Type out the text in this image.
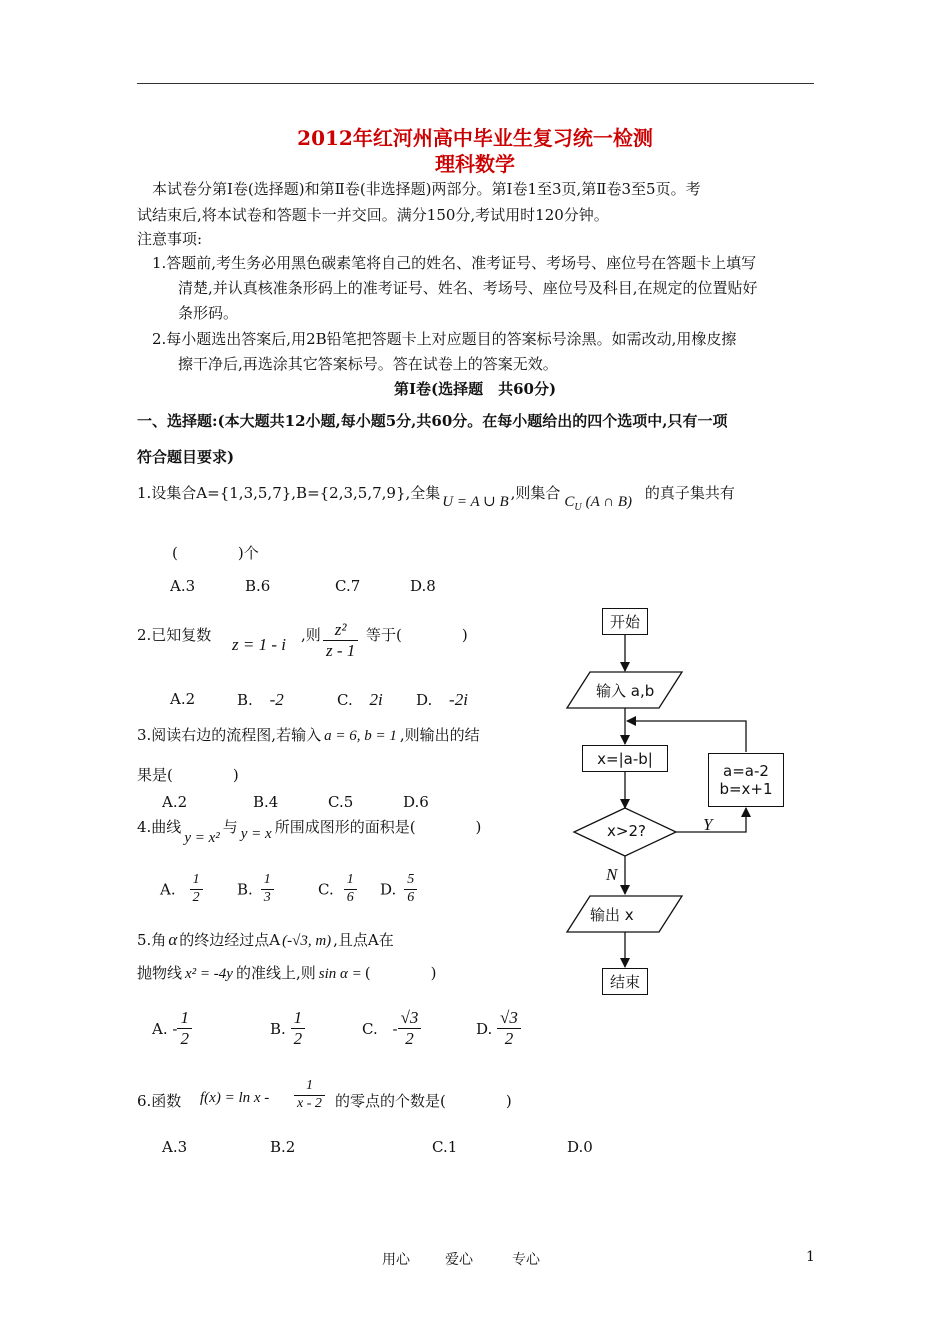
2012年红河州高中毕业生复习统一检测
理科数学
本试卷分第Ⅰ卷(选择题)和第Ⅱ卷(非选择题)两部分。第Ⅰ卷1至3页,第Ⅱ卷3至5页。考
试结束后,将本试卷和答题卡一并交回。满分150分,考试用时120分钟。
注意事项:
1.答题前,考生务必用黑色碳素笔将自己的姓名、准考证号、考场号、座位号在答题卡上填写
清楚,并认真核准条形码上的准考证号、姓名、考场号、座位号及科目,在规定的位置贴好
条形码。
2.每小题选出答案后,用2B铅笔把答题卡上对应题目的答案标号涂黑。如需改动,用橡皮擦
擦干净后,再选涂其它答案标号。答在试卷上的答案无效。
第Ⅰ卷(选择题　共60分)
一、选择题:(本大题共12小题,每小题5分,共60分。在每小题给出的四个选项中,只有一项
符合题目要求)
1.设集合A={1,3,5,7},B={2,3,5,7,9},全集 U = A ∪ B ,则集合 $C_U$ (A ∩ B) 的真子集共有
(　　　　)个
A.3	B.6	C.7	D.8
2.已知复数 z = 1 - i ,则 $\frac{\text{z²}}{z - 1}$ 等于(　　　　)
A.2	B. -2	C. 2i D. -2i
3.阅读右边的流程图,若输入 a = 6, b = 1 ,则输出的结
果是(　　　　)
A.2	B.4	C.5	D.6
4.曲线y = x²与 y = x 所围成图形的面积是(　　　　)
A. $\frac{1}{2} B$. $\frac{1}{3}$	C. $\frac{1}{6} D$. $\frac{5}{6}$
5.角 α 的终边经过点A (-√3, m) ,且点A在
抛物线 x² = -4y 的准线上,则 sin α = (　　　　)
A. - $\frac{1}{2}$	B. $\frac{1}{2}$	C. - $\frac{√3}{2}$	D. $\frac{√3}{2}$
6.函数 $f(x) = \ln x - \frac{1}{x - 2}$ 的零点的个数是(　　　　)
A.3	B.2	C.1	D.0
开始
输入 a,b
x=|a-b|
a=a-2
b=x+1
x>2?	Y
N
输出 x
结束
用心	爱心	专心	1
